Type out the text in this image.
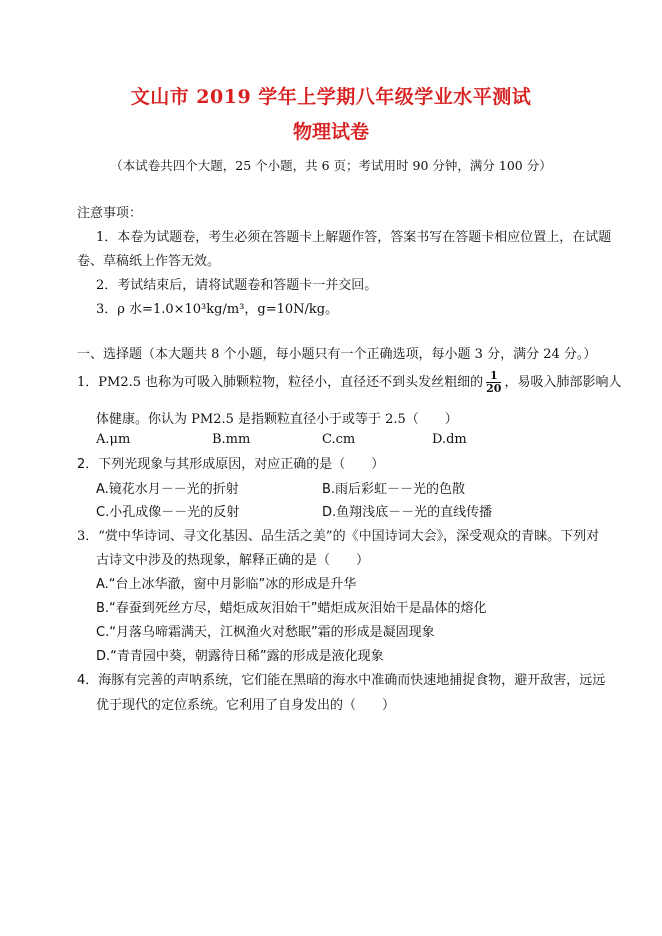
文山市 2019 学年上学期八年级学业水平测试
物理试卷
（本试卷共四个大题，25 个小题，共 6 页；考试用时 90 分钟，满分 100 分）
注意事项：
1．本卷为试题卷，考生必须在答题卡上解题作答，答案书写在答题卡相应位置上，在试题
卷、草稿纸上作答无效。
2．考试结束后，请将试题卷和答题卡一并交回。
3．ρ 水=1.0×10³kg/m³，g=10N/kg。
一、选择题（本大题共 8 个小题，每小题只有一个正确选项，每小题 3 分，满分 24 分。）
1．PM2.5 也称为可吸入肺颗粒物，粒径小，直径还不到头发丝粗细的 $\frac{1}{20}$ ，易吸入肺部影响人
体健康。你认为 PM2.5 是指颗粒直径小于或等于 2.5（　　）
A.μm	B.mm	C.cm	D.dm
2．下列光现象与其形成原因，对应正确的是（　　）
A.镜花水月－－光的折射	B.雨后彩虹－－光的色散
C.小孔成像－－光的反射	D.鱼翔浅底－－光的直线传播
3．“赏中华诗词、寻文化基因、品生活之美”的《中国诗词大会》，深受观众的青睐。下列对
古诗文中涉及的热现象，解释正确的是（　　）
A.“台上冰华澈，窗中月影临”冰的形成是升华
B.“春蚕到死丝方尽，蜡炬成灰泪始干”蜡炬成灰泪始干是晶体的熔化
C.“月落乌啼霜满天，江枫渔火对愁眠”霜的形成是凝固现象
D.“青青园中葵，朝露待日稀”露的形成是液化现象
4．海豚有完善的声呐系统，它们能在黑暗的海水中准确而快速地捕捉食物，避开敌害，远远
优于现代的定位系统。它利用了自身发出的（　　）
